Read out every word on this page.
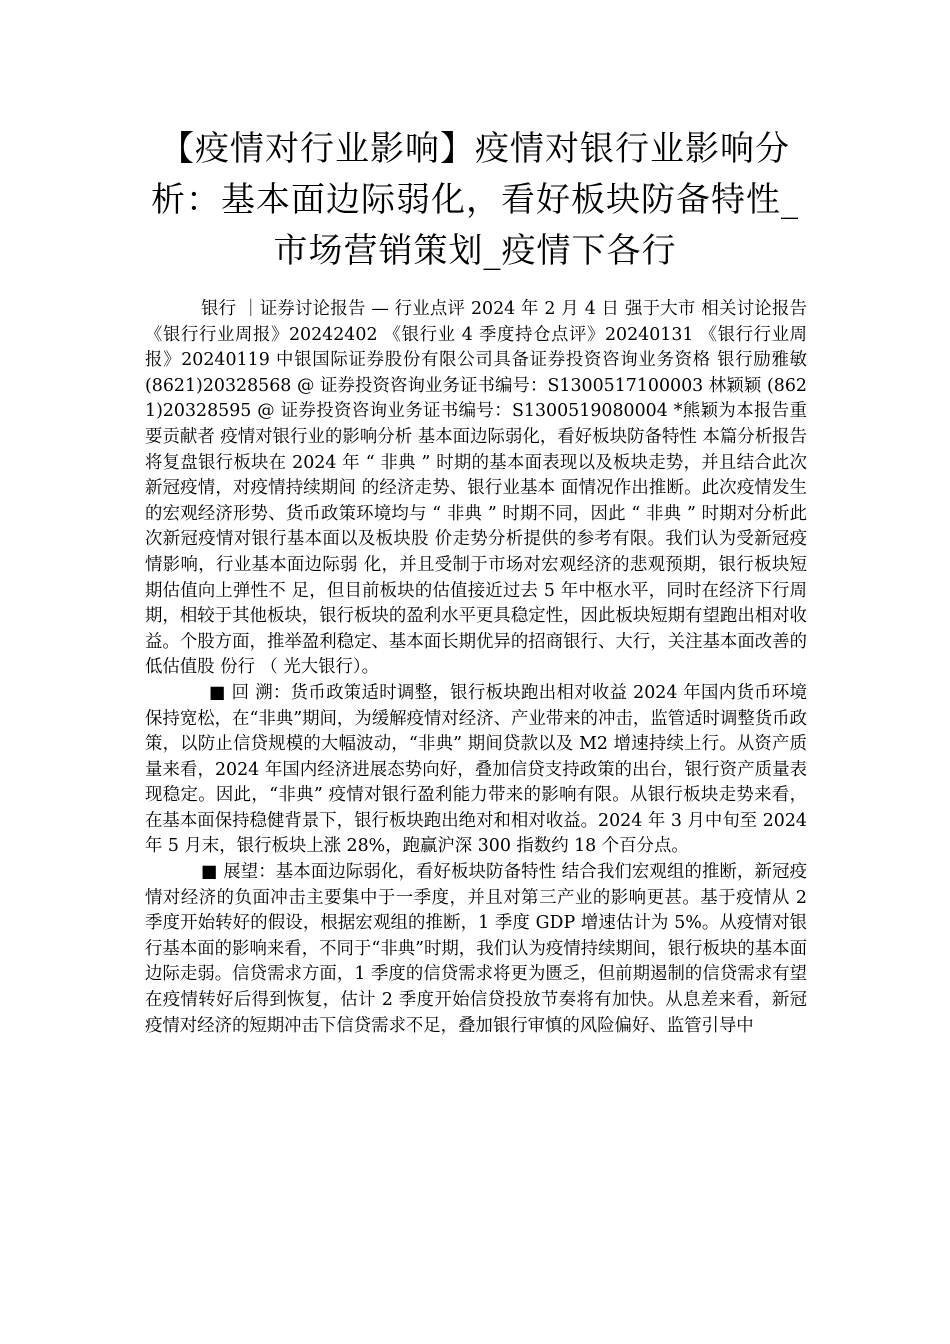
【疫情对行业影响】疫情对银行业影响分析：基本面边际弱化，看好板块防备特性_市场营销策划_疫情下各行

银行 ｜证券讨论报告 — 行业点评 2024 年 2 月 4 日 强于大市 相关讨论报告 《银行行业周报》20242402 《银行业 4 季度持仓点评》20240131 《银行行业周报》20240119 中银国际证券股份有限公司具备证券投资咨询业务资格 银行励雅敏 (8621)20328568 @ 证券投资咨询业务证书编号：S1300517100003 林颖颖 (8621)20328595 @ 证券投资咨询业务证书编号：S1300519080004 *熊颖为本报告重要贡献者 疫情对银行业的影响分析 基本面边际弱化，看好板块防备特性 本篇分析报告将复盘银行板块在 2024 年 “ 非典 ” 时期的基本面表现以及板块走势，并且结合此次新冠疫情，对疫情持续期间 的经济走势、银行业基本 面情况作出推断。此次疫情发生的宏观经济形势、货币政策环境均与 “ 非典 ” 时期不同，因此 “ 非典 ” 时期对分析此次新冠疫情对银行基本面以及板块股 价走势分析提供的参考有限。我们认为受新冠疫情影响，行业基本面边际弱 化，并且受制于市场对宏观经济的悲观预期，银行板块短期估值向上弹性不 足，但目前板块的估值接近过去 5 年中枢水平，同时在经济下行周期，相较于其他板块，银行板块的盈利水平更具稳定性，因此板块短期有望跑出相对收益。个股方面，推举盈利稳定、基本面长期优异的招商银行、大行，关注基本面改善的低估值股 份行 （ 光大银行）。

■ 回 溯：货币政策适时调整，银行板块跑出相对收益 2024 年国内货币环境保持宽松，在“非典”期间，为缓解疫情对经济、产业带来的冲击，监管适时调整货币政策，以防止信贷规模的大幅波动，“非典” 期间贷款以及 M2 增速持续上行。从资产质量来看，2024 年国内经济进展态势向好，叠加信贷支持政策的出台，银行资产质量表现稳定。因此，“非典” 疫情对银行盈利能力带来的影响有限。从银行板块走势来看，在基本面保持稳健背景下，银行板块跑出绝对和相对收益。2024 年 3 月中旬至 2024 年 5 月末，银行板块上涨 28%，跑赢沪深 300 指数约 18 个百分点。

■ 展望：基本面边际弱化，看好板块防备特性 结合我们宏观组的推断，新冠疫情对经济的负面冲击主要集中于一季度，并且对第三产业的影响更甚。基于疫情从 2 季度开始转好的假设，根据宏观组的推断，1 季度 GDP 增速估计为 5%。从疫情对银行基本面的影响来看，不同于“非典”时期，我们认为疫情持续期间，银行板块的基本面边际走弱。信贷需求方面，1 季度的信贷需求将更为匮乏，但前期遏制的信贷需求有望在疫情转好后得到恢复，估计 2 季度开始信贷投放节奏将有加快。从息差来看，新冠疫情对经济的短期冲击下信贷需求不足，叠加银行审慎的风险偏好、监管引导中
